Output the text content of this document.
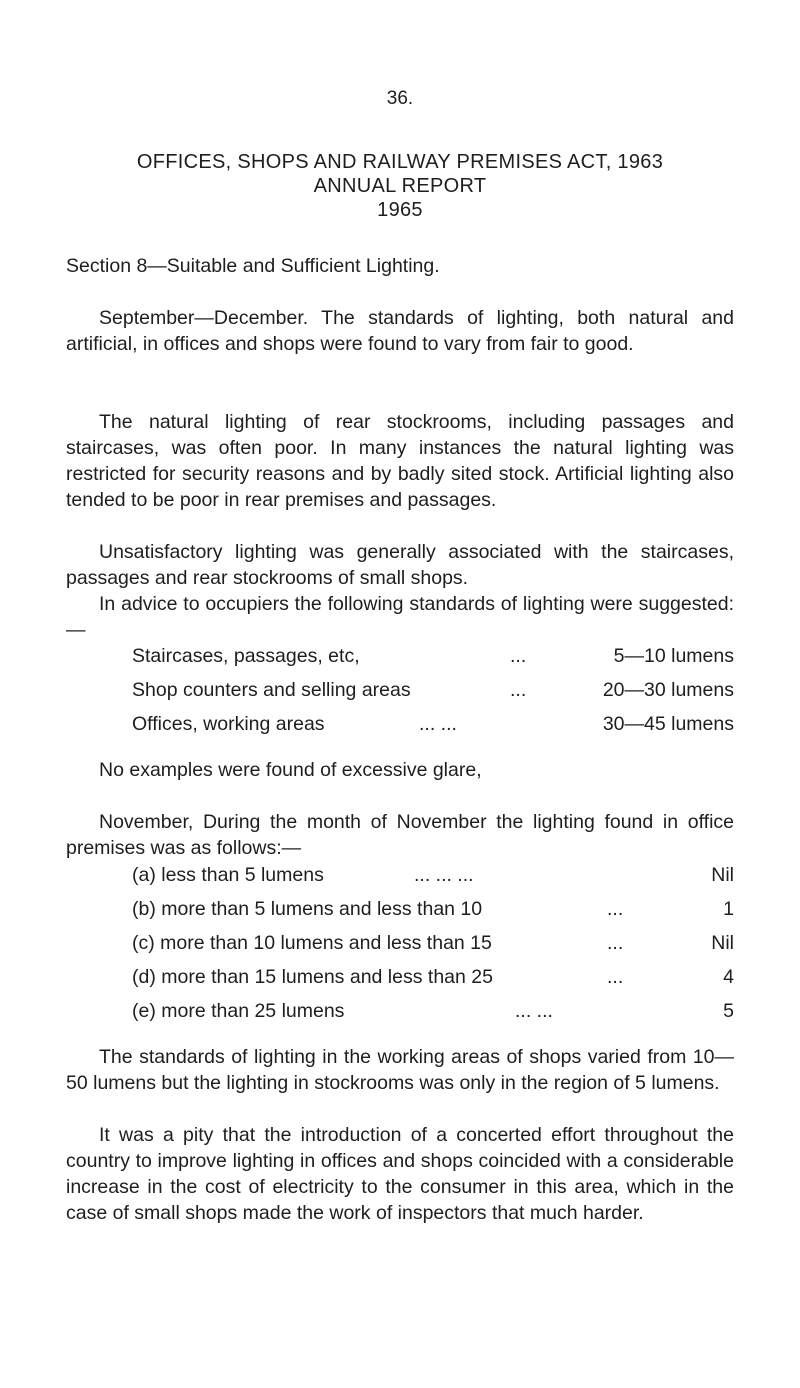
36.
OFFICES, SHOPS AND RAILWAY PREMISES ACT, 1963
ANNUAL REPORT
1965
Section 8—Suitable and Sufficient Lighting.
September—December. The standards of lighting, both natural and artificial, in offices and shops were found to vary from fair to good.
The natural lighting of rear stockrooms, including passages and staircases, was often poor. In many instances the natural lighting was restricted for security reasons and by badly sited stock. Artificial lighting also tended to be poor in rear premises and passages.
Unsatisfactory lighting was generally associated with the staircases, passages and rear stockrooms of small shops.
In advice to occupiers the following standards of lighting were suggested:—
Staircases, passages, etc,	...	5—10 lumens
Shop counters and selling areas	...	20—30 lumens
Offices, working areas	... ...	30—45 lumens
No examples were found of excessive glare,
November, During the month of November the lighting found in office premises was as follows:—
(a) less than 5 lumens	... ... ...	Nil
(b) more than 5 lumens and less than 10	...	1
(c) more than 10 lumens and less than 15	...	Nil
(d) more than 15 lumens and less than 25	...	4
(e) more than 25 lumens	... ...	5
The standards of lighting in the working areas of shops varied from 10—50 lumens but the lighting in stockrooms was only in the region of 5 lumens.
It was a pity that the introduction of a concerted effort throughout the country to improve lighting in offices and shops coincided with a considerable increase in the cost of electricity to the consumer in this area, which in the case of small shops made the work of inspectors that much harder.
